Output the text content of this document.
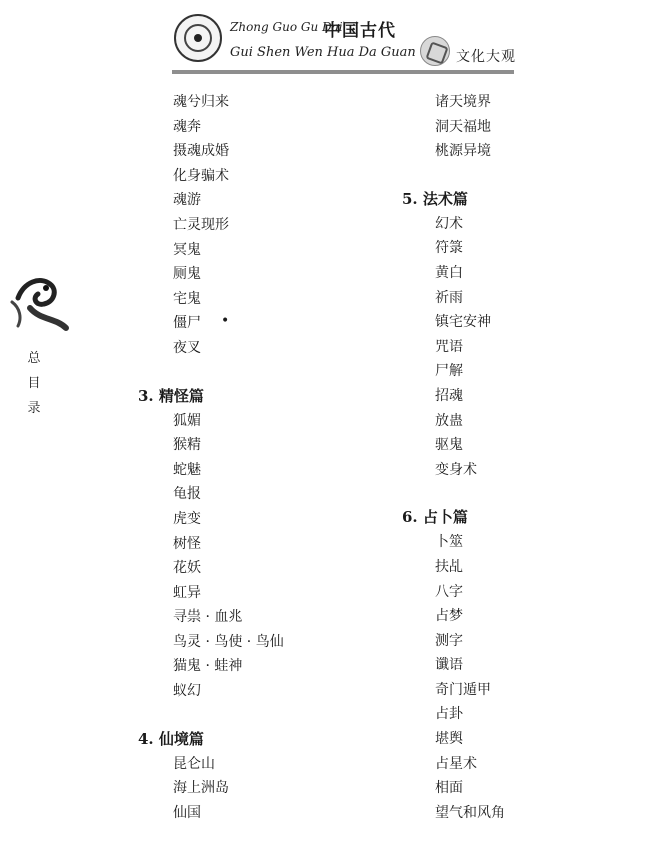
Zhong Guo Gu Dai
中国古代
Gui Shen Wen Hua Da Guan	文化大观
总
目
录
魂兮归来
魂奔
摄魂成婚
化身骗术
魂游
亡灵现形
冥鬼
厕鬼
宅鬼
僵尸
夜叉
3. 精怪篇
狐媚
猴精
蛇魅
龟报
虎变
树怪
花妖
虹异
寻祟 · 血兆
鸟灵 · 鸟使 · 鸟仙
猫鬼 · 蛙神
蚁幻
4. 仙境篇
昆仑山
海上洲岛
仙国
•
诸天境界
洞天福地
桃源异境
5. 法术篇
幻术
符箓
黄白
祈雨
镇宅安神
咒语
尸解
招魂
放蛊
驱鬼
变身术
6. 占卜篇
卜筮
扶乩
八字
占梦
测字
谶语
奇门遁甲
占卦
堪舆
占星术
相面
望气和风角
